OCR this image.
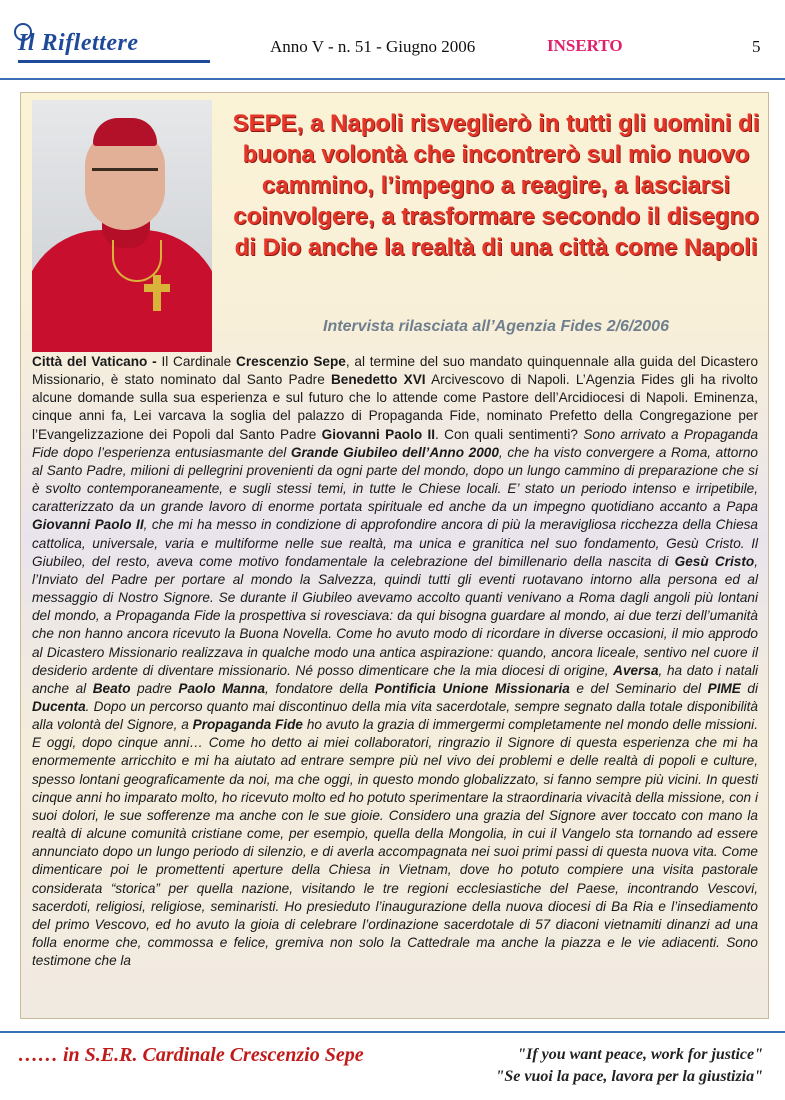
Il Riflettere	Anno V - n. 51 - Giugno 2006	INSERTO	5
SEPE, a Napoli risveglierò in tutti gli uomini di buona volontà che incontrerò sul mio nuovo cammino, l’impegno a reagire, a lasciarsi coinvolgere, a trasformare secondo il disegno di Dio anche la realtà di una città come Napoli
Intervista rilasciata all’Agenzia Fides 2/6/2006
Città del Vaticano - Il Cardinale Crescenzio Sepe, al termine del suo mandato quinquennale alla guida del Dicastero Missionario, è stato nominato dal Santo Padre Benedetto XVI Arcivescovo di Napoli. L’Agenzia Fides gli ha rivolto alcune domande sulla sua esperienza e sul futuro che lo attende come Pastore dell’Arcidiocesi di Napoli. Eminenza, cinque anni fa, Lei varcava la soglia del palazzo di Propaganda Fide, nominato Prefetto della Congregazione per l’Evangelizzazione dei Popoli dal Santo Padre Giovanni Paolo II. Con quali sentimenti? Sono arrivato a Propaganda Fide dopo l’esperienza entusiasmante del Grande Giubileo dell’Anno 2000, che ha visto convergere a Roma, attorno al Santo Padre, milioni di pellegrini provenienti da ogni parte del mondo, dopo un lungo cammino di preparazione che si è svolto contemporaneamente, e sugli stessi temi, in tutte le Chiese locali. E’ stato un periodo intenso e irripetibile, caratterizzato da un grande lavoro di enorme portata spirituale ed anche da un impegno quotidiano accanto a Papa Giovanni Paolo II, che mi ha messo in condizione di approfondire ancora di più la meravigliosa ricchezza della Chiesa cattolica, universale, varia e multiforme nelle sue realtà, ma unica e granitica nel suo fondamento, Gesù Cristo. Il Giubileo, del resto, aveva come motivo fondamentale la celebrazione del bimillenario della nascita di Gesù Cristo, l’Inviato del Padre per portare al mondo la Salvezza, quindi tutti gli eventi ruotavano intorno alla persona ed al messaggio di Nostro Signore. Se durante il Giubileo avevamo accolto quanti venivano a Roma dagli angoli più lontani del mondo, a Propaganda Fide la prospettiva si rovesciava: da qui bisogna guardare al mondo, ai due terzi dell’umanità che non hanno ancora ricevuto la Buona Novella. Come ho avuto modo di ricordare in diverse occasioni, il mio approdo al Dicastero Missionario realizzava in qualche modo una antica aspirazione: quando, ancora liceale, sentivo nel cuore il desiderio ardente di diventare missionario. Né posso dimenticare che la mia diocesi di origine, Aversa, ha dato i natali anche al Beato padre Paolo Manna, fondatore della Pontificia Unione Missionaria e del Seminario del PIME di Ducenta. Dopo un percorso quanto mai discontinuo della mia vita sacerdotale, sempre segnato dalla totale disponibilità alla volontà del Signore, a Propaganda Fide ho avuto la grazia di immergermi completamente nel mondo delle missioni. E oggi, dopo cinque anni… Come ho detto ai miei collaboratori, ringrazio il Signore di questa esperienza che mi ha enormemente arricchito e mi ha aiutato ad entrare sempre più nel vivo dei problemi e delle realtà di popoli e culture, spesso lontani geograficamente da noi, ma che oggi, in questo mondo globalizzato, si fanno sempre più vicini. In questi cinque anni ho imparato molto, ho ricevuto molto ed ho potuto sperimentare la straordinaria vivacità della missione, con i suoi dolori, le sue sofferenze ma anche con le sue gioie. Considero una grazia del Signore aver toccato con mano la realtà di alcune comunità cristiane come, per esempio, quella della Mongolia, in cui il Vangelo sta tornando ad essere annunciato dopo un lungo periodo di silenzio, e di averla accompagnata nei suoi primi passi di questa nuova vita. Come dimenticare poi le promettenti aperture della Chiesa in Vietnam, dove ho potuto compiere una visita pastorale considerata “storica” per quella nazione, visitando le tre regioni ecclesiastiche del Paese, incontrando Vescovi, sacerdoti, religiosi, religiose, seminaristi. Ho presieduto l’inaugurazione della nuova diocesi di Ba Ria e l’insediamento del primo Vescovo, ed ho avuto la gioia di celebrare l’ordinazione sacerdotale di 57 diaconi vietnamiti dinanzi ad una folla enorme che, commossa e felice, gremiva non solo la Cattedrale ma anche la piazza e le vie adiacenti. Sono testimone che la
…… in S.E.R. Cardinale Crescenzio Sepe	"If you want peace, work for justice"
"Se vuoi la pace, lavora per la giustizia"
